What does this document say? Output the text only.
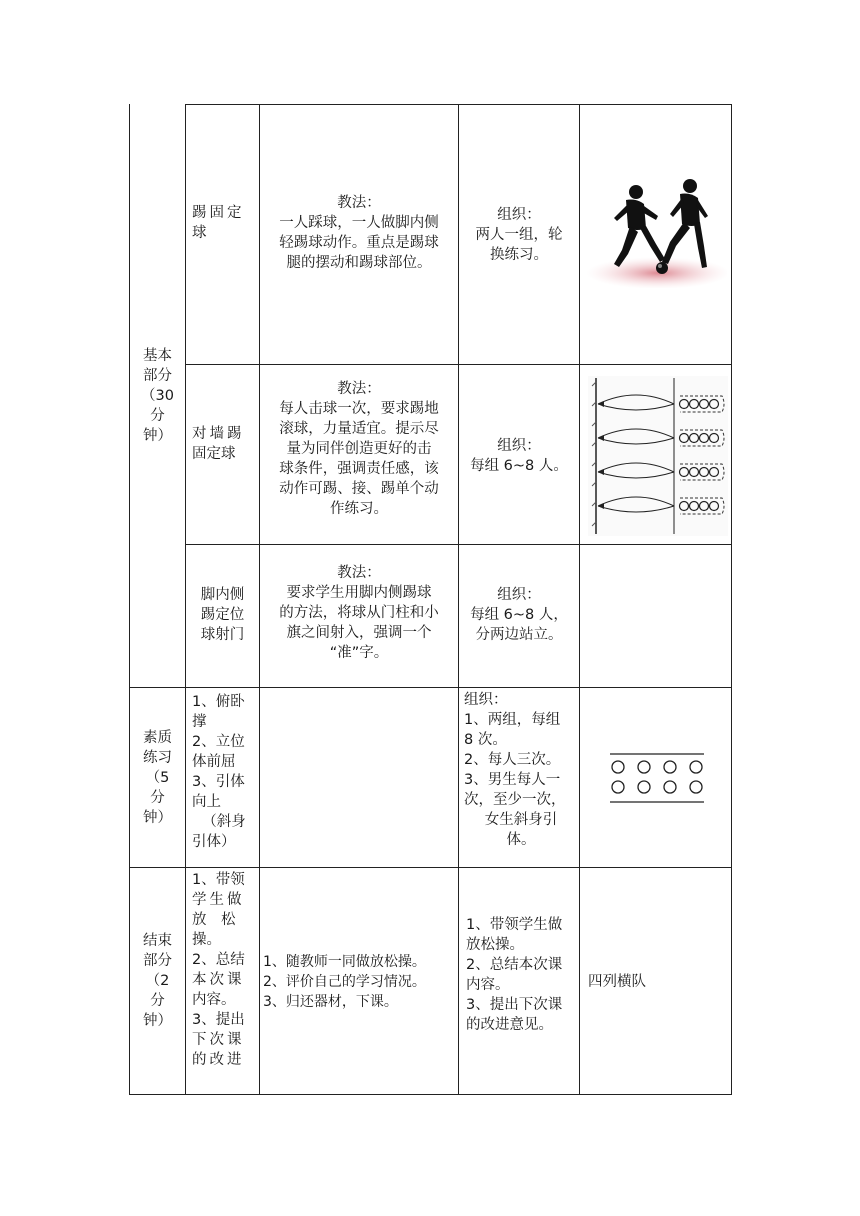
基本
部分
（30
分
钟）
素质
练习
（5
分
钟）
结束
部分
（2
分
钟）
踢固定
球
教法：
一人踩球，一人做脚内侧
轻踢球动作。重点是踢球
腿的摆动和踢球部位。
组织：
两人一组，轮
换练习。
对墙踢
固定球
教法：
每人击球一次，要求踢地
滚球，力量适宜。提示尽
量为同伴创造更好的击
球条件，强调责任感，该
动作可踢、接、踢单个动
作练习。
组织：
每组 6~8 人。
脚内侧
踢定位
球射门
教法：
要求学生用脚内侧踢球
的方法，将球从门柱和小
旗之间射入，强调一个
“准”字。
组织：
每组 6~8 人，
分两边站立。
1、俯卧
撑
2、立位
体前屈
3、引体
向上
（斜身
引体）
组织：
1、两组，每组
8 次。
2、每人三次。
3、男生每人一
次，至少一次，
女生斜身引
体。
1、带领
学生做
放　松
操。
2、总结
本次课
内容。
3、提出
下次课
的改进
1、随教师一同做放松操。
2、评价自己的学习情况。
3、归还器材，下课。
1、带领学生做
放松操。
2、总结本次课
内容。
3、提出下次课
的改进意见。
四列横队
